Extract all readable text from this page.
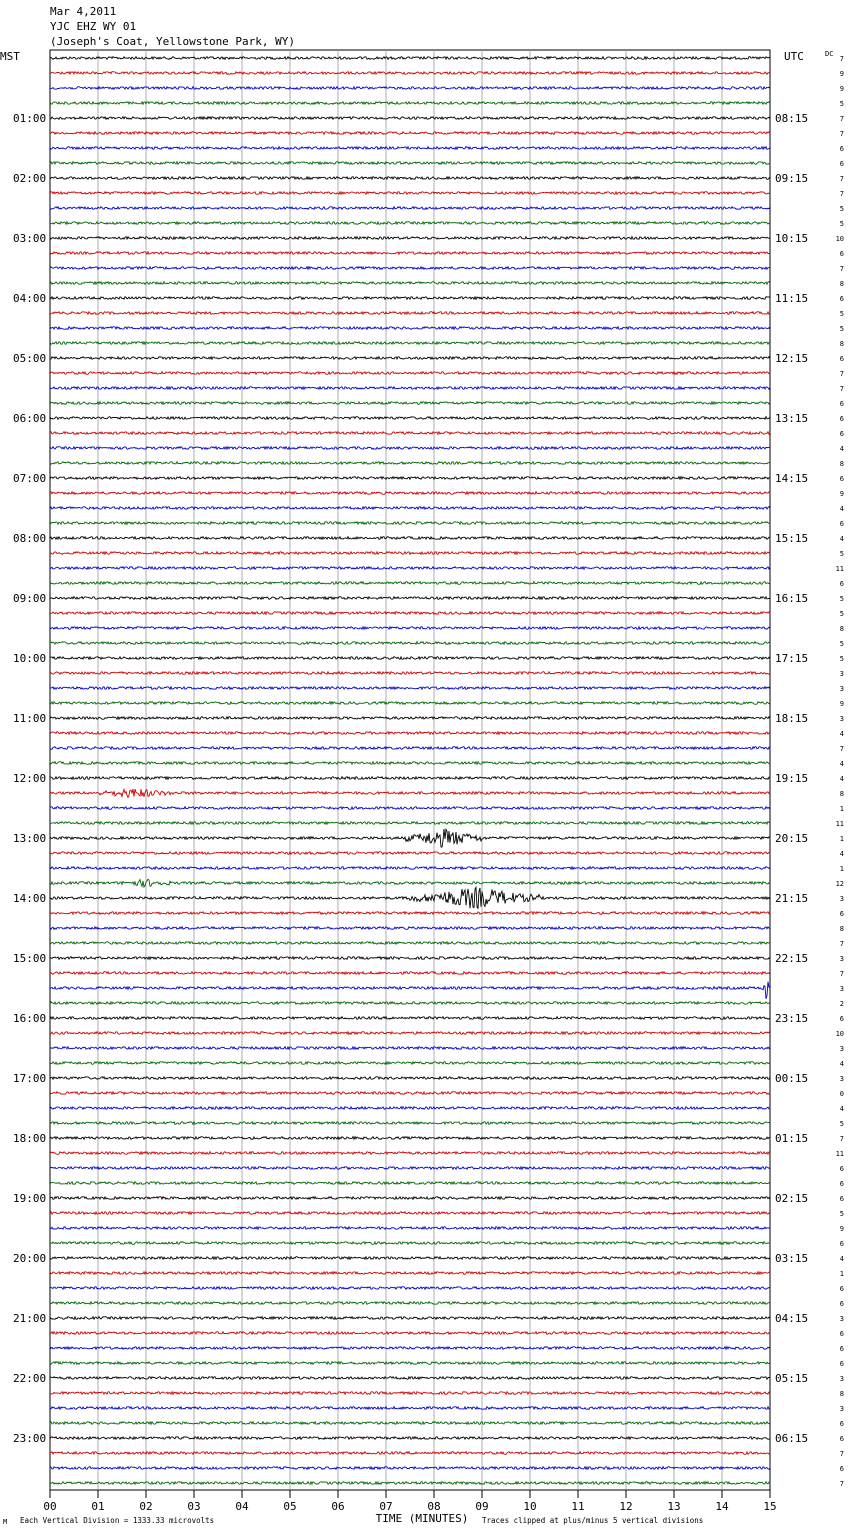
Mar 4,2011
YJC EHZ WY 01
(Joseph's Coat, Yellowstone Park, WY)
00	01	02	03	04	05	06	07	08	09	10	11	12	13	14	15
01:00
02:00
03:00
04:00
05:00
06:00
07:00
08:00
09:00
10:00
11:00
12:00
13:00
14:00
15:00
16:00
17:00
18:00
19:00
20:00
21:00
22:00
23:00
08:15
09:15
10:15
11:15
12:15
13:15
14:15
15:15
16:15
17:15
18:15
19:15
20:15
21:15
22:15
23:15
00:15
01:15
02:15
03:15
04:15
05:15
06:15
7
9
9
5
7
7
6
6
7
7
5
5
10
6
7
8
6
5
5
8
6
7
7
6
6
6
4
8
6
9
4
6
4
5
11
6
5
5
8
5
5
3
3
9
3
4
7
4
4
8
1
11
1
4
1
12
3
6
8
7
3
7
3
2
6
10
3
4
3
0
4
5
7
11
6
6
6
5
9
6
4
1
6
6
3
6
6
6
3
8
3
6
6
7
6
7
MST	UTC	DC
TIME (MINUTES)
M Each Vertical Division = 1333.33 microvolts	Traces clipped at plus/minus 5 vertical divisions
